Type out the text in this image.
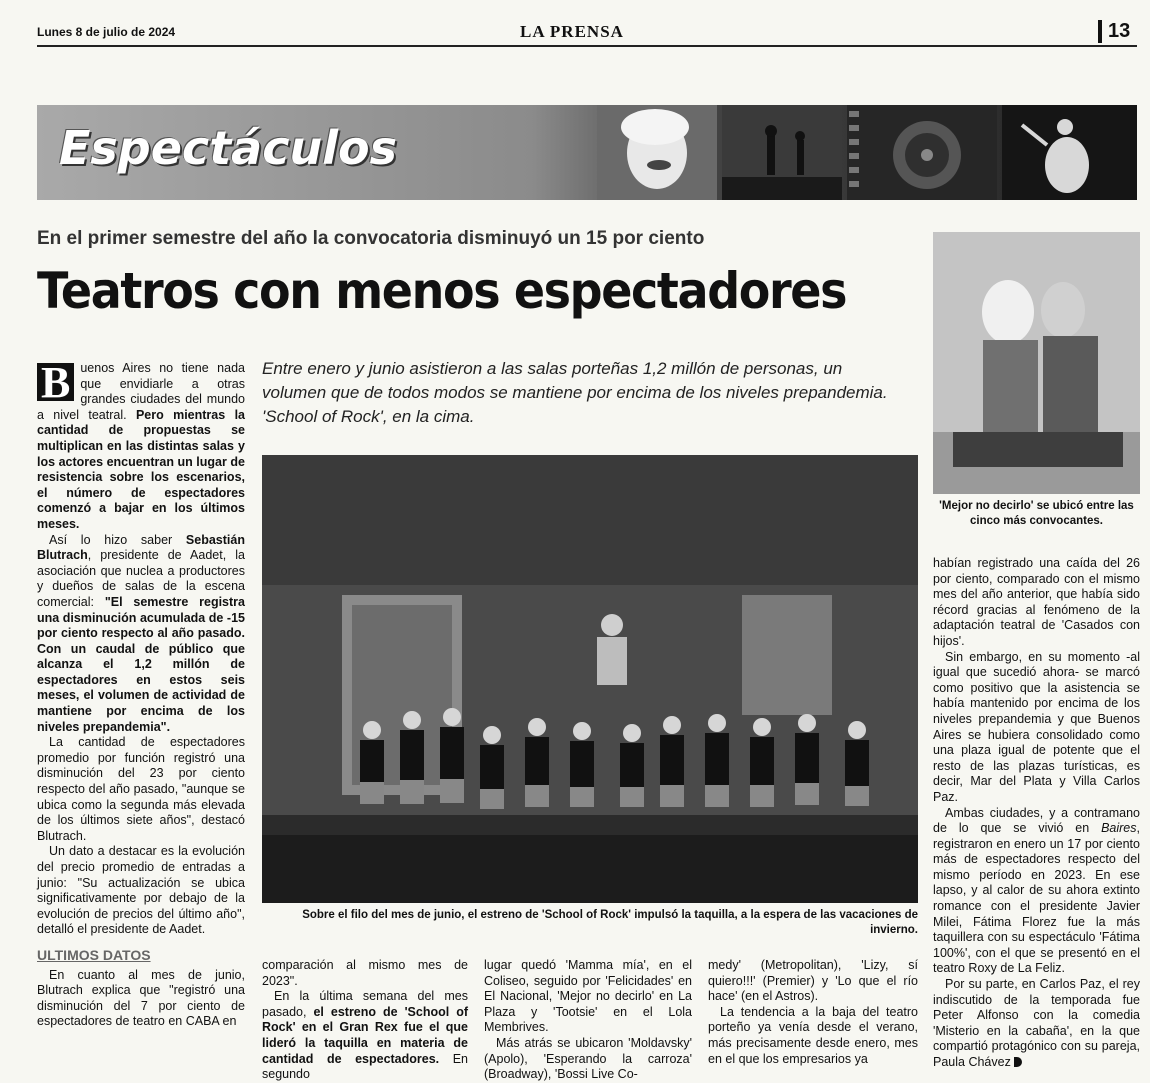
Lunes 8 de julio de 2024	LA PRENSA	13
Espectáculos
En el primer semestre del año la convocatoria disminuyó un 15 por ciento
Teatros con menos espectadores
Entre enero y junio asistieron a las salas porteñas 1,2 millón de personas, un volumen que de todos modos se mantiene por encima de los niveles prepandemia. 'School of Rock', en la cima.

B uenos Aires no tiene nada que envidiarle a otras grandes ciudades del mundo a nivel teatral. Pero mientras la cantidad de propuestas se multiplican en las distintas salas y los actores encuentran un lugar de resistencia sobre los escenarios, el número de espectadores comenzó a bajar en los últimos meses.

Así lo hizo saber Sebastián Blutrach, presidente de Aadet, la asociación que nuclea a productores y dueños de salas de la escena comercial: "El semestre registra una disminución acumulada de -15 por ciento respecto al año pasado. Con un caudal de público que alcanza el 1,2 millón de espectadores en estos seis meses, el volumen de actividad de mantiene por encima de los niveles prepandemia".

La cantidad de espectadores promedio por función registró una disminución del 23 por ciento respecto del año pasado, "aunque se ubica como la segunda más elevada de los últimos siete años", destacó Blutrach.

Un dato a destacar es la evolución del precio promedio de entradas a junio: "Su actualización se ubica significativamente por debajo de la evolución de precios del último año", detalló el presidente de Aadet.

ULTIMOS DATOS

En cuanto al mes de junio, Blutrach explica que "registró una disminución del 7 por ciento de espectadores de teatro en CABA en

Sobre el filo del mes de junio, el estreno de 'School of Rock' impulsó la taquilla, a la espera de las vacaciones de invierno.
'Mejor no decirlo' se ubicó entre las cinco más convocantes.

comparación al mismo mes de 2023".

En la última semana del mes pasado, el estreno de 'School of Rock' en el Gran Rex fue el que lideró la taquilla en materia de cantidad de espectadores. En segundo

lugar quedó 'Mamma mía', en el Coliseo, seguido por 'Felicidades' en El Nacional, 'Mejor no decirlo' en La Plaza y 'Tootsie' en el Lola Membrives.

Más atrás se ubicaron 'Moldavsky' (Apolo), 'Esperando la carroza' (Broadway), 'Bossi Live Co-

medy' (Metropolitan), 'Lizy, sí quiero!!!' (Premier) y 'Lo que el río hace' (en el Astros).

La tendencia a la baja del teatro porteño ya venía desde el verano, más precisamente desde enero, mes en el que los empresarios ya

habían registrado una caída del 26 por ciento, comparado con el mismo mes del año anterior, que había sido récord gracias al fenómeno de la adaptación teatral de 'Casados con hijos'.

Sin embargo, en su momento -al igual que sucedió ahora- se marcó como positivo que la asistencia se había mantenido por encima de los niveles prepandemia y que Buenos Aires se hubiera consolidado como una plaza igual de potente que el resto de las plazas turísticas, es decir, Mar del Plata y Villa Carlos Paz.

Ambas ciudades, y a contramano de lo que se vivió en Baires, registraron en enero un 17 por ciento más de espectadores respecto del mismo período en 2023. En ese lapso, y al calor de su ahora extinto romance con el presidente Javier Milei, Fátima Florez fue la más taquillera con su espectáculo 'Fátima 100%', con el que se presentó en el teatro Roxy de La Feliz.

Por su parte, en Carlos Paz, el rey indiscutido de la temporada fue Peter Alfonso con la comedia 'Misterio en la cabaña', en la que compartió protagónico con su pareja, Paula Chávez
